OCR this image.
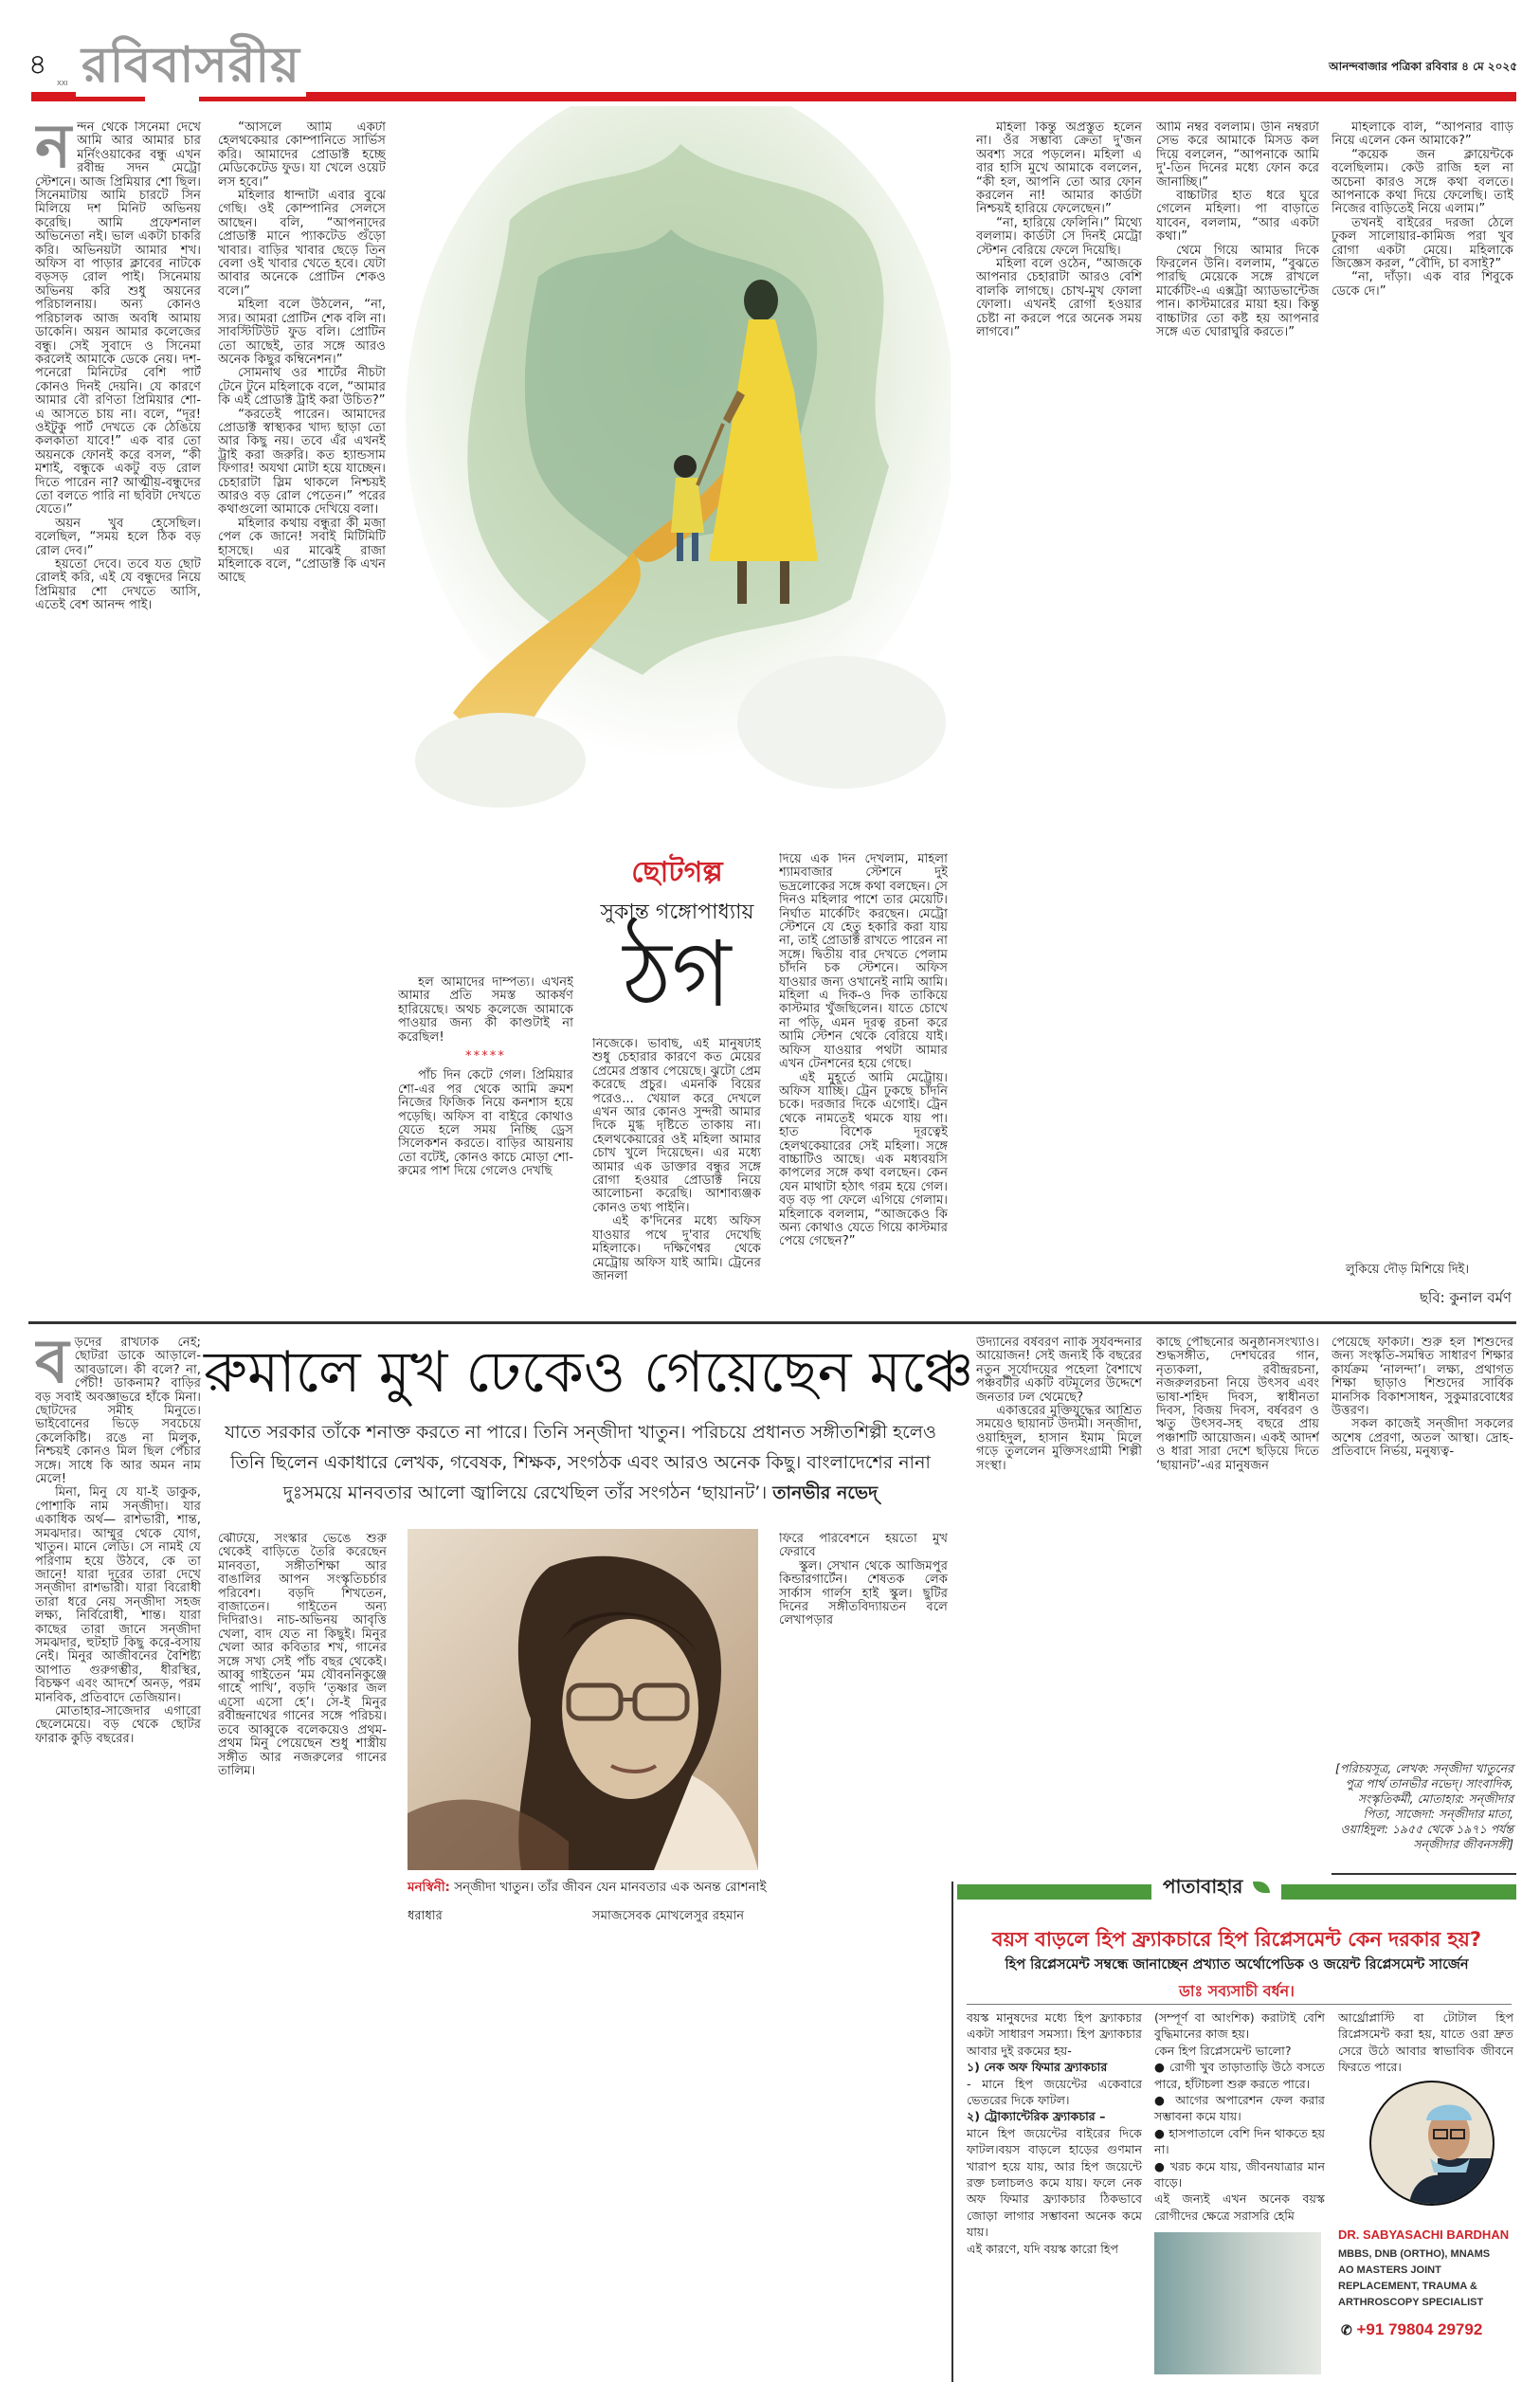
৪
XXI রবিবাসরীয়	আনন্দবাজার পত্রিকা রবিবার ৪ মে ২০২৫
ন ন্দন থেকে সিনেমা দেখে আমি আর আমার চার মর্নিংওয়াকের বন্ধু এখন রবীন্দ্র সদন মেট্রো স্টেশনে। আজ প্রিমিয়ার শো ছিল। সিনেমাটায় আমি চারটে সিন মিলিয়ে দশ মিনিট অভিনয় করেছি। আমি প্রফেশনাল অভিনেতা নই। ভাল একটা চাকরি করি। অভিনয়টা আমার শখ। অফিস বা পাড়ার ক্লাবের নাটকে বড়সড় রোল পাই। সিনেমায় অভিনয় করি শুধু অয়নের পরিচালনায়। অন্য কোনও পরিচালক আজ অবধি আমায় ডাকেনি। অয়ন আমার কলেজের বন্ধু। সেই সুবাদে ও সিনেমা করলেই আমাকে ডেকে নেয়। দশ-পনেরো মিনিটের বেশি পার্ট কোনও দিনই দেয়নি। যে কারণে আমার বৌ রণিতা প্রিমিয়ার শো-এ আসতে চায় না। বলে, “দূর! ওইটুকু পার্ট দেখতে কে ঠেঙিয়ে কলকাতা যাবে!” এক বার তো অয়নকে ফোনই করে বসল, “কী মশাই, বন্ধুকে একটু বড় রোল দিতে পারেন না? আত্মীয়-বন্ধুদের তো বলতে পারি না ছবিটা দেখতে যেতে।”

অয়ন খুব হেসেছিল। বলেছিল, “সময় হলে ঠিক বড় রোল দেব।”

হয়তো দেবে। তবে যত ছোট রোলই করি, এই যে বন্ধুদের নিয়ে প্রিমিয়ার শো দেখতে আসি, এতেই বেশ আনন্দ পাই।

“আসলে আমি একটা হেলথকেয়ার কোম্পানিতে সার্ভিস করি। আমাদের প্রোডাক্ট হচ্ছে মেডিকেটেড ফুড। যা খেলে ওয়েট লস হবে।”

মহিলার ধান্দাটা এবার বুঝে গেছি। ওই কোম্পানির সেলসে আছেন। বলি, “আপনাদের প্রোডাক্ট মানে প্যাকটেড গুঁড়ো খাবার। বাড়ির খাবার ছেড়ে তিন বেলা ওই খাবার খেতে হবে। যেটা আবার অনেকে প্রোটিন শেকও বলে।”

মহিলা বলে উঠলেন, “না, স্যর। আমরা প্রোটিন শেক বলি না। সাবস্টিটিউট ফুড বলি। প্রোটিন তো আছেই, তার সঙ্গে আরও অনেক কিছুর কম্বিনেশন।”

সোমনাথ ওর শার্টের নীচটা টেনে টুনে মহিলাকে বলে, “আমার কি এই প্রোডাক্ট ট্রাই করা উচিত?”

“করতেই পারেন। আমাদের প্রোডাক্ট স্বাস্থ্যকর খাদ্য ছাড়া তো আর কিছু নয়। তবে এঁর এখনই ট্রাই করা জরুরি। কত হ্যান্ডসাম ফিগার! অযথা মোটা হয়ে যাচ্ছেন। চেহারাটা স্লিম থাকলে নিশ্চয়ই আরও বড় রোল পেতেন।” পরের কথাগুলো আমাকে দেখিয়ে বলা।

মহিলার কথায় বন্ধুরা কী মজা পেল কে জানে! সবাই মিটিমিটি হাসছে। এর মাঝেই রাজা মহিলাকে বলে, “প্রোডাক্ট কি এখন আছে

হল আমাদের দাম্পত্য। এখনই আমার প্রতি সমস্ত আকর্ষণ হারিয়েছে। অথচ কলেজে আমাকে পাওয়ার জন্য কী কাণ্ডটাই না করেছিল!

*****

পাঁচ দিন কেটে গেল। প্রিমিয়ার শো-এর পর থেকে আমি ক্রমশ নিজের ফিজিক নিয়ে কনশাস হয়ে পড়েছি। অফিস বা বাইরে কোথাও যেতে হলে সময় নিচ্ছি ড্রেস সিলেকশন করতে। বাড়ির আয়নায় তো বটেই, কোনও কাচে মোড়া শো-রুমের পাশ দিয়ে গেলেও দেখছি

ছোটগল্প
সুকান্ত গঙ্গোপাধ্যায়
ঠগ

নিজেকে। ভাবছি, এই মানুষটাই শুধু চেহারার কারণে কত মেয়ের প্রেমের প্রস্তাব পেয়েছে। ঝুটো প্রেম করেছে প্রচুর। এমনকি বিয়ের পরেও... খেয়াল করে দেখলে এখন আর কোনও সুন্দরী আমার দিকে মুগ্ধ দৃষ্টিতে তাকায় না। হেলথকেয়ারের ওই মহিলা আমার চোখ খুলে দিয়েছেন। এর মধ্যে আমার এক ডাক্তার বন্ধুর সঙ্গে রোগা হওয়ার প্রোডাক্ট নিয়ে আলোচনা করেছি। আশাব্যঞ্জক কোনও তথ্য পাইনি।

এই ক'দিনের মধ্যে অফিস যাওয়ার পথে দু'বার দেখেছি মহিলাকে। দক্ষিণেশ্বর থেকে মেট্রোয় অফিস যাই আমি। ট্রেনের জানলা

দিয়ে এক দিন দেখলাম, মহিলা শ্যামবাজার স্টেশনে দুই ভদ্রলোকের সঙ্গে কথা বলছেন। সে দিনও মহিলার পাশে তার মেয়েটি। নির্ঘাত মার্কেটিং করছেন। মেট্রো স্টেশনে যে হেতু হকারি করা যায় না, তাই প্রোডাক্ট রাখতে পারেন না সঙ্গে। দ্বিতীয় বার দেখতে পেলাম চাঁদনি চক স্টেশনে। অফিস যাওয়ার জন্য ওখানেই নামি আমি। মহিলা এ দিক-ও দিক তাকিয়ে কাস্টমার খুঁজছিলেন। যাতে চোখে না পড়ি, এমন দূরত্ব রচনা করে আমি স্টেশন থেকে বেরিয়ে যাই। অফিস যাওয়ার পথটা আমার এখন টেনশনের হয়ে গেছে।

এই মুহূর্তে আমি মেট্রোয়। অফিস যাচ্ছি। ট্রেন ঢুকছে চাঁদনি চকে। দরজার দিকে এগোই। ট্রেন থেকে নামতেই থমকে যায় পা। হাত বিশেক দূরত্বেই হেলথকেয়ারের সেই মহিলা। সঙ্গে বাচ্চাটিও আছে। এক মধ্যবয়সি কাপলের সঙ্গে কথা বলছেন। কেন যেন মাথাটা হঠাৎ গরম হয়ে গেল। বড় বড় পা ফেলে এগিয়ে গেলাম। মহিলাকে বললাম, “আজকেও কি অন্য কোথাও যেতে গিয়ে কাস্টমার পেয়ে গেছেন?”

মহিলা কিন্তু অপ্রস্তুত হলেন না। ওঁর সম্ভাব্য ক্রেতা দু'জন অবশ্য সরে পড়লেন। মহিলা এ বার হাসি মুখে আমাকে বললেন, “কী হল, আপনি তো আর ফোন করলেন না! আমার কার্ডটা নিশ্চয়ই হারিয়ে ফেলেছেন।”

“না, হারিয়ে ফেলিনি।” মিথ্যে বললাম। কার্ডটা সে দিনই মেট্রো স্টেশন বেরিয়ে ফেলে দিয়েছি।

মহিলা বলে ওঠেন, “আজকে আপনার চেহারাটা আরও বেশি বালকি লাগছে। চোখ-মুখ ফোলা ফোলা। এখনই রোগা হওয়ার চেষ্টা না করলে পরে অনেক সময় লাগবে।”

আমি নম্বর বললাম। উনি নম্বরটা সেভ করে আমাকে মিসড কল দিয়ে বললেন, “আপনাকে আমি দু'-তিন দিনের মধ্যে ফোন করে জানাচ্ছি।”

বাচ্চাটার হাত ধরে ঘুরে গেলেন মহিলা। পা বাড়াতে যাবেন, বললাম, “আর একটা কথা।”

থেমে গিয়ে আমার দিকে ফিরলেন উনি। বললাম, “বুঝতে পারছি মেয়েকে সঙ্গে রাখলে মার্কেটিং-এ এক্সট্রা অ্যাডভান্টেজ পান। কাস্টমারের মায়া হয়। কিন্তু বাচ্চাটার তো কষ্ট হয় আপনার সঙ্গে এত ঘোরাঘুরি করতে।”

মহিলাকে বলি, “আপনার বাড়ি নিয়ে এলেন কেন আমাকে?”

“কয়েক জন ক্লায়েন্টকে বলেছিলাম। কেউ রাজি হল না অচেনা কারও সঙ্গে কথা বলতে। আপনাকে কথা দিয়ে ফেলেছি। তাই নিজের বাড়িতেই নিয়ে এলাম।”

তখনই বাইরের দরজা ঠেলে ঢুকল সালোয়ার-কামিজ পরা খুব রোগা একটা মেয়ে। মহিলাকে জিজ্ঞেস করল, “বৌদি, চা বসাই?”

“না, দাঁড়া। এক বার শিবুকে ডেকে দে।”

লুকিয়ে দৌড় মিশিয়ে দিই।
ছবি: কুনাল বর্মণ
ব ড়দের রাখঢাক নেই; ছোটরা ডাকে আড়ালে-আবডালে। কী বলে? না, পেঁচী! ডাকনাম? বাড়ির বড় সবাই অবজ্ঞাভরে হাঁকে মিনা। ছোটদের সমীহ মিনুতে। ভাইবোনের ভিড়ে সবচেয়ে কেলেকিষ্টি। রঙে না মিলুক, নিশ্চয়ই কোনও মিল ছিল পেঁচার সঙ্গে। সাধে কি আর অমন নাম মেলে!

মিনা, মিনু যে যা-ই ডাকুক, পোশাকি নাম সন্‌জীদা। যার একাধিক অর্থ— রাশভারী, শান্ত, সমঝদার। আম্মুর থেকে যোগ, খাতুন। মানে লেডি। সে নামই যে পরিণাম হয়ে উঠবে, কে তা জানে! যারা দূরের তারা দেখে সন্‌জীদা রাশভারী। যারা বিরোধী তারা ধরে নেয় সন্‌জীদা সহজ লক্ষ্য, নির্বিরোধী, শান্ত। যারা কাছের তারা জানে সন্‌জীদা সমঝদার, হুটহাট কিছু করে-বসায় নেই। মিনুর আজীবনের বৈশিষ্ট্য আপাত গুরুগম্ভীর, ধীরস্থির, বিচক্ষণ এবং আদর্শে অনড়, পরম মানবিক, প্রতিবাদে তেজিয়ান।

মোতাহার-সাজেদার এগারো ছেলেমেয়ে। বড় থেকে ছোটর ফারাক কুড়ি বছরের।

রুমালে মুখ ঢেকেও গেয়েছেন মঞ্চে
যাতে সরকার তাঁকে শনাক্ত করতে না পারে। তিনি সন্‌জীদা খাতুন। পরিচয়ে প্রধানত সঙ্গীতশিল্পী হলেও তিনি ছিলেন একাধারে লেখক, গবেষক, শিক্ষক, সংগঠক এবং আরও অনেক কিছু। বাংলাদেশের নানা দুঃসময়ে মানবতার আলো জ্বালিয়ে রেখেছিল তাঁর সংগঠন ‘ছায়ানট’। তানভীর নভেদ্

ঝেঁটিয়ে, সংস্কার ভেঙে শুরু থেকেই বাড়িতে তৈরি করেছেন মানবতা, সঙ্গীতশিক্ষা আর বাঙালির আপন সংস্কৃতিচর্চার পরিবেশ। বড়দি শিখতেন, বাজাতেন। গাইতেন অন্য দিদিরাও। নাচ-অভিনয় আবৃত্তি খেলা, বাদ যেত না কিছুই। মিনুর খেলা আর কবিতার শখ, গানের সঙ্গে সখ্য সেই পাঁচ বছর থেকেই। আব্বু গাইতেন ‘মম যৌবননিকুঞ্জে গাহে পাখি’, বড়দি ‘তৃষ্ণার জল এসো এসো হে’। সে-ই মিনুর রবীন্দ্রনাথের গানের সঙ্গে পরিচয়। তবে আব্বুকে বলেকয়েও প্রথম-প্রথম মিনু পেয়েছেন শুধু শাস্ত্রীয় সঙ্গীত আর নজরুলের গানের তালিম।

মনস্বিনী: সন্‌জীদা খাতুন। তাঁর জীবন যেন মানবতার এক অনন্ত রোশনাই

ধরাধরি	সমাজসেবক মোখলেসুর রহমান

ফিরে পরিবেশনে হয়তো মুখ ফেরাবে

স্কুল। সেখান থেকে আজিমপুর কিন্ডারগার্টেন। শেষতক লেক সার্কাস গার্লস হাই স্কুল। ছুটির দিনের সঙ্গীতবিদ্যায়তন বলে লেখাপড়ার

উদ্যানের বর্ষবরণ নাকি সূর্যবন্দনার আয়োজন! সেই জন্যই কি বছরের নতুন সূর্যোদয়ের পহেলা বৈশাখে পঞ্চবটীর একটি বটমূলের উদ্দেশে জনতার ঢল থেমেছে?

একাত্তরের মুক্তিযুদ্ধের আশ্রিত সময়েও ছায়ানট উদ্যমী। সন্‌জীদা, ওয়াহিদুল, হাসান ইমাম মিলে গড়ে তুললেন মুক্তিসংগ্রামী শিল্পী সংস্থা।

কাছে পৌঁছনোর অনুষ্ঠানসংখ্যাও। শুদ্ধসঙ্গীত, দেশঘরের গান, নৃত্যকলা, রবীন্দ্ররচনা, নজরুলরচনা নিয়ে উৎসব এবং ভাষা-শহিদ দিবস, স্বাধীনতা দিবস, বিজয় দিবস, বর্ষবরণ ও ঋতু উৎসব-সহ বছরে প্রায় পঞ্চাশটি আয়োজন। একই আদর্শ ও ধারা সারা দেশে ছড়িয়ে দিতে ‘ছায়ানট’-এর মানুষজন

পেয়েছে ফাঁকটা। শুরু হল শিশুদের জন্য সংস্কৃতি-সমন্বিত সাধারণ শিক্ষার কার্যক্রম ‘নালন্দা’। লক্ষ্য, প্রথাগত শিক্ষা ছাড়াও শিশুদের সার্বিক মানসিক বিকাশসাধন, সুকুমারবোধের উত্তরণ।

সকল কাজেই সন্‌জীদা সকলের অশেষ প্রেরণা, অতল আস্থা। দ্রোহ-প্রতিবাদে নির্ভয়, মনুষ্যত্ব-

[পরিচয়সূত্র, লেখক: সন্‌জীদা খাতুনের পুত্র পার্থ তানভীর নভেদ্। সাংবাদিক, সংস্কৃতিকর্মী, মোতাহার: সন্‌জীদার পিতা, সাজেদা: সন্‌জীদার মাতা, ওয়াহিদুল: ১৯৫৫ থেকে ১৯৭১ পর্যন্ত সন্‌জীদার জীবনসঙ্গী]
পাতাবাহার
বয়স বাড়লে হিপ ফ্র্যাকচারে হিপ রিপ্লেসমেন্ট কেন দরকার হয়?
হিপ রিপ্লেসমেন্ট সম্বন্ধে জানাচ্ছেন প্রখ্যাত অর্থোপেডিক ও জয়েন্ট রিপ্লেসমেন্ট সার্জেন
ডাঃ সব্যসাচী বর্ধন।

বয়স্ক মানুষদের মধ্যে হিপ ফ্র্যাকচার একটা সাধারণ সমস্যা। হিপ ফ্র্যাকচার আবার দুই রকমের হয়-

১) নেক অফ ফিমার ফ্র্যাকচার

- মানে হিপ জয়েন্টের একেবারে ভেতরের দিকে ফাটল।

২) ট্রোক্যান্টেরিক ফ্র্যাকচার –

মানে হিপ জয়েন্টের বাইরের দিকে ফাটল।বয়স বাড়লে হাড়ের গুণমান খারাপ হয়ে যায়, আর হিপ জয়েন্টে রক্ত চলাচলও কমে যায়। ফলে নেক অফ ফিমার ফ্র্যাকচার ঠিকভাবে জোড়া লাগার সম্ভাবনা অনেক কমে যায়।

এই কারণে, যদি বয়স্ক কারো হিপ

(সম্পূর্ণ বা আংশিক) করাটাই বেশি বুদ্ধিমানের কাজ হয়।

কেন হিপ রিপ্লেসমেন্ট ভালো?

● রোগী খুব তাড়াতাড়ি উঠে বসতে পারে, হাঁটাচলা শুরু করতে পারে।

● আগের অপারেশন ফেল করার সম্ভাবনা কমে যায়।

● হাসপাতালে বেশি দিন থাকতে হয় না।

● খরচ কমে যায়, জীবনযাত্রার মান বাড়ে।

এই জন্যই এখন অনেক বয়স্ক রোগীদের ক্ষেত্রে সরাসরি হেমি

আর্থ্রোপ্লাস্টি বা টোটাল হিপ রিপ্লেসমেন্ট করা হয়, যাতে ওরা দ্রুত সেরে উঠে আবার স্বাভাবিক জীবনে ফিরতে পারে।

DR. SABYASACHI BARDHAN
MBBS, DNB (ORTHO), MNAMS
AO MASTERS JOINT
REPLACEMENT, TRAUMA &
ARTHROSCOPY SPECIALIST
✆ +91 79804 29792
